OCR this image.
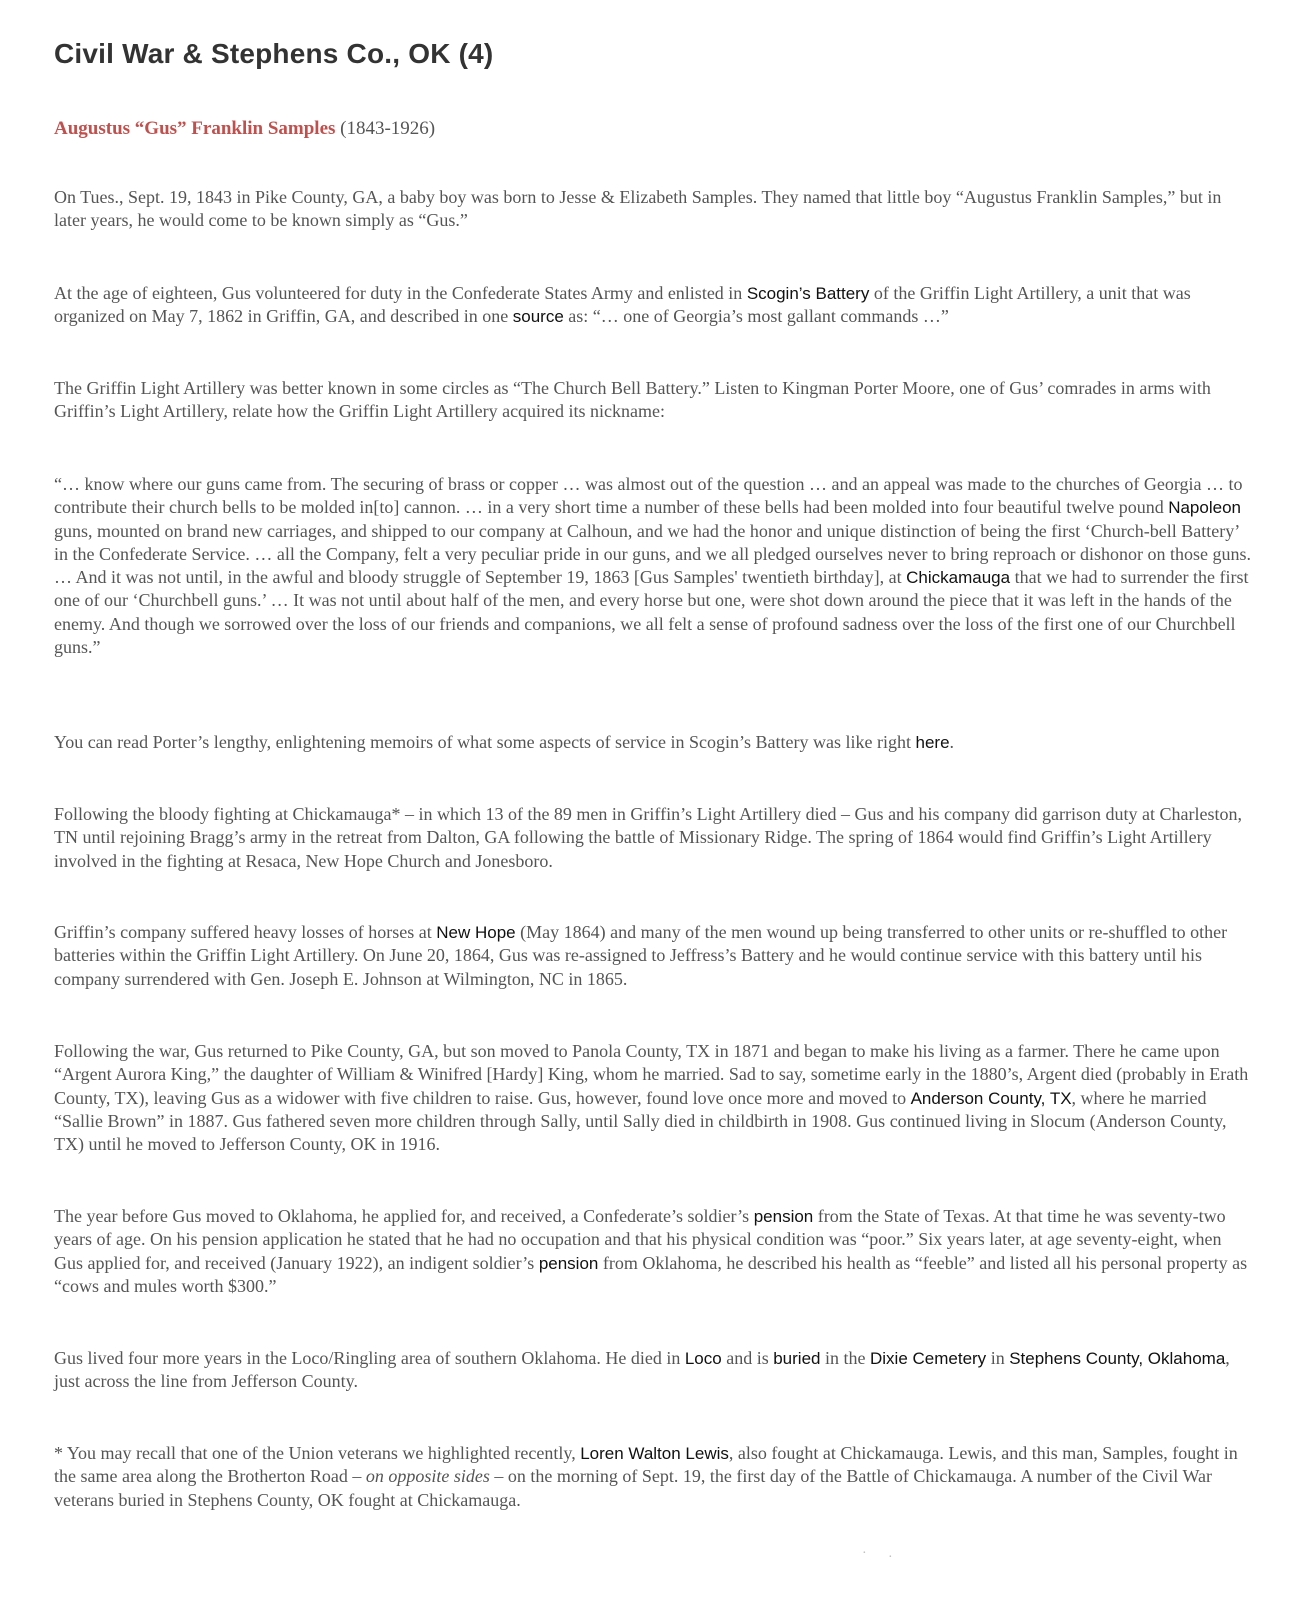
Civil War & Stephens Co., OK (4)
Augustus “Gus” Franklin Samples (1843-1926)

On Tues., Sept. 19, 1843 in Pike County, GA, a baby boy was born to Jesse & Elizabeth Samples. They named that little boy “Augustus Franklin Samples,” but in later years, he would come to be known simply as “Gus.”

At the age of eighteen, Gus volunteered for duty in the Confederate States Army and enlisted in Scogin’s Battery of the Griffin Light Artillery, a unit that was organized on May 7, 1862 in Griffin, GA, and described in one source as: “… one of Georgia’s most gallant commands …”

The Griffin Light Artillery was better known in some circles as “The Church Bell Battery.” Listen to Kingman Porter Moore, one of Gus’ comrades in arms with Griffin’s Light Artillery, relate how the Griffin Light Artillery acquired its nickname:

“… know where our guns came from. The securing of brass or copper … was almost out of the question … and an appeal was made to the churches of Georgia … to contribute their church bells to be molded in[to] cannon. … in a very short time a number of these bells had been molded into four beautiful twelve pound Napoleon guns, mounted on brand new carriages, and shipped to our company at Calhoun, and we had the honor and unique distinction of being the first ‘Church-bell Battery’ in the Confederate Service. … all the Company, felt a very peculiar pride in our guns, and we all pledged ourselves never to bring reproach or dishonor on those guns. … And it was not until, in the awful and bloody struggle of September 19, 1863 [Gus Samples' twentieth birthday], at Chickamauga that we had to surrender the first one of our ‘Churchbell guns.’ … It was not until about half of the men, and every horse but one, were shot down around the piece that it was left in the hands of the enemy. And though we sorrowed over the loss of our friends and companions, we all felt a sense of profound sadness over the loss of the first one of our Churchbell guns.”

You can read Porter’s lengthy, enlightening memoirs of what some aspects of service in Scogin’s Battery was like right here.

Following the bloody fighting at Chickamauga* – in which 13 of the 89 men in Griffin’s Light Artillery died – Gus and his company did garrison duty at Charleston, TN until rejoining Bragg’s army in the retreat from Dalton, GA following the battle of Missionary Ridge. The spring of 1864 would find Griffin’s Light Artillery involved in the fighting at Resaca, New Hope Church and Jonesboro.

Griffin’s company suffered heavy losses of horses at New Hope (May 1864) and many of the men wound up being transferred to other units or re-shuffled to other batteries within the Griffin Light Artillery. On June 20, 1864, Gus was re-assigned to Jeffress’s Battery and he would continue service with this battery until his company surrendered with Gen. Joseph E. Johnson at Wilmington, NC in 1865.

Following the war, Gus returned to Pike County, GA, but son moved to Panola County, TX in 1871 and began to make his living as a farmer. There he came upon “Argent Aurora King,” the daughter of William & Winifred [Hardy] King, whom he married. Sad to say, sometime early in the 1880’s, Argent died (probably in Erath County, TX), leaving Gus as a widower with five children to raise. Gus, however, found love once more and moved to Anderson County, TX, where he married “Sallie Brown” in 1887. Gus fathered seven more children through Sally, until Sally died in childbirth in 1908. Gus continued living in Slocum (Anderson County, TX) until he moved to Jefferson County, OK in 1916.

The year before Gus moved to Oklahoma, he applied for, and received, a Confederate’s soldier’s pension from the State of Texas. At that time he was seventy-two years of age. On his pension application he stated that he had no occupation and that his physical condition was “poor.” Six years later, at age seventy-eight, when Gus applied for, and received (January 1922), an indigent soldier’s pension from Oklahoma, he described his health as “feeble” and listed all his personal property as “cows and mules worth $300.”

Gus lived four more years in the Loco/Ringling area of southern Oklahoma. He died in Loco and is buried in the Dixie Cemetery in Stephens County, Oklahoma, just across the line from Jefferson County.

* You may recall that one of the Union veterans we highlighted recently, Loren Walton Lewis, also fought at Chickamauga. Lewis, and this man, Samples, fought in the same area along the Brotherton Road – on opposite sides – on the morning of Sept. 19, the first day of the Battle of Chickamauga. A number of the Civil War veterans buried in Stephens County, OK fought at Chickamauga.

· ·
